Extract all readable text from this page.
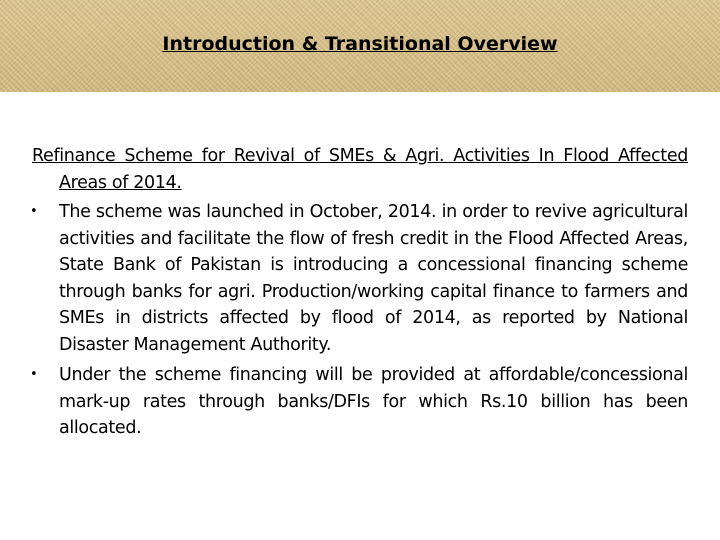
Introduction & Transitional Overview

Refinance Scheme for Revival of SMEs & Agri. Activities In Flood Affected Areas of 2014.

• The scheme was launched in October, 2014. in order to revive agricultural activities and facilitate the flow of fresh credit in the Flood Affected Areas, State Bank of Pakistan is introducing a concessional financing scheme through banks for agri. Production/working capital finance to farmers and SMEs in districts affected by flood of 2014, as reported by National Disaster Management Authority.
• Under the scheme financing will be provided at affordable/concessional mark-up rates through banks/DFIs for which Rs.10 billion has been allocated.
